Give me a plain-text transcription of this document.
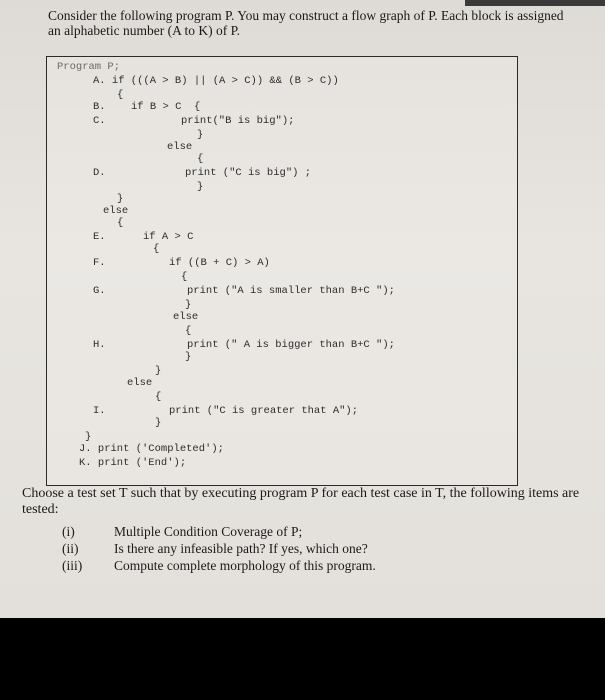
Consider the following program P. You may construct a flow graph of P. Each block is assigned an alphabetic number (A to K) of P.
Program P;
A. if (((A > B) || (A > C)) && (B > C))
{
B. if B > C  {
C.	print("B is big");
}
else
{
D.	print ("C is big") ;
}
}
else
{
E.	if A > C
{
F.	if ((B + C) > A)
{
G.	print ("A is smaller than B+C ");
}
else
{
H.	print (" A is bigger than B+C ");
}
}
else
{
I.	print ("C is greater that A");
}
}
J. print ('Completed');
K. print ('End');
Choose a test set T such that by executing program P for each test case in T, the following items are tested:
(i)	Multiple Condition Coverage of P;
(ii)	Is there any infeasible path? If yes, which one?
(iii) Compute complete morphology of this program.
